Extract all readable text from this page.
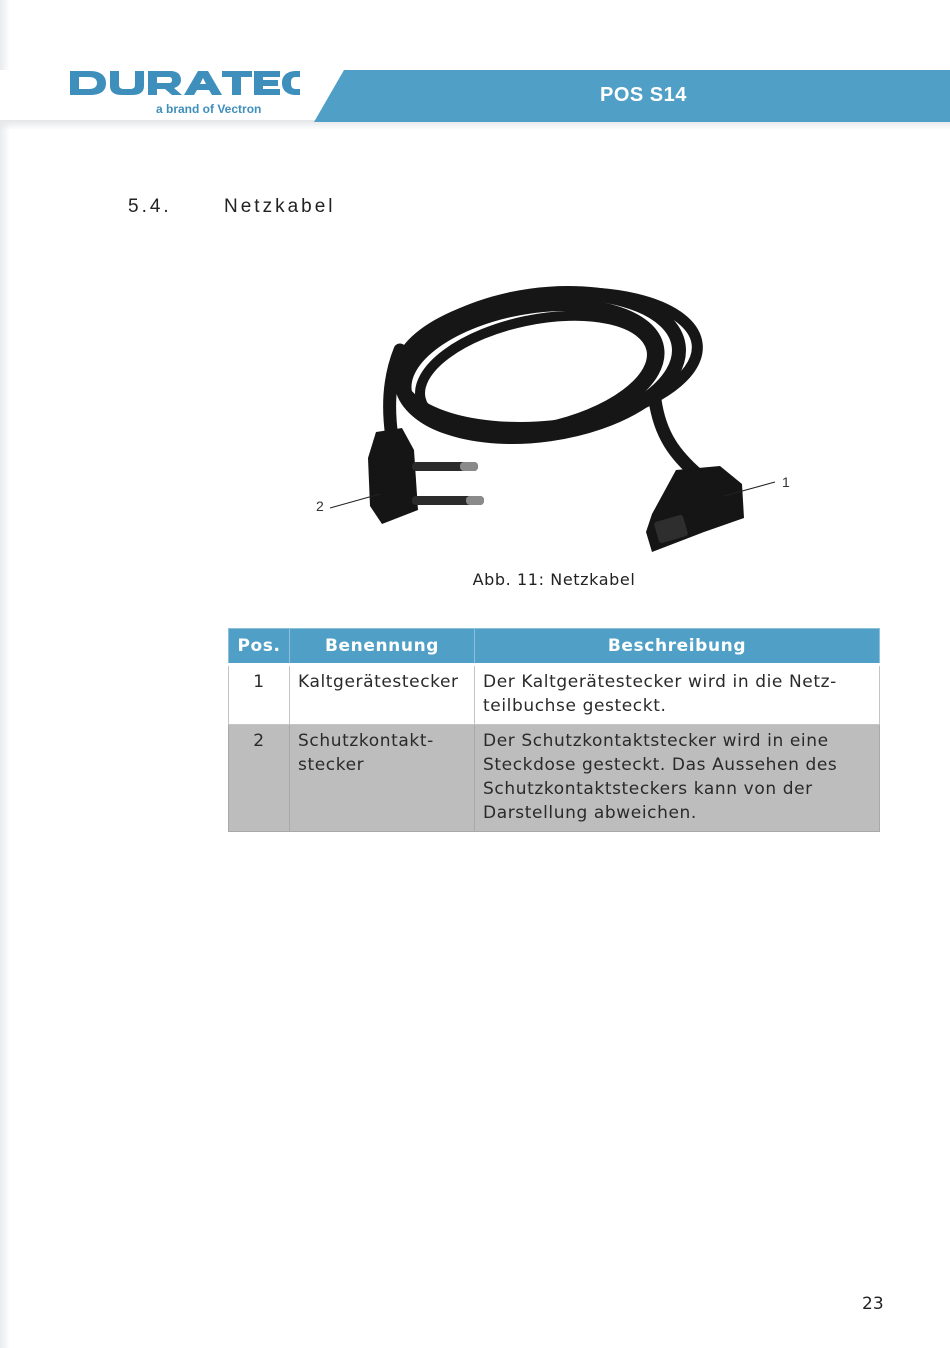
a brand of Vectron
POS S14
5.4.	Netzkabel
1
2
Abb. 11: Netzkabel
Pos.	Benennung	Beschreibung
1	Kaltgerätestecker	Der Kaltgerätestecker wird in die Netz-teilbuchse gesteckt.
2	Schutzkontakt-stecker	Der Schutzkontaktstecker wird in eine Steckdose gesteckt. Das Aussehen des Schutzkontaktsteckers kann von der Darstellung abweichen.
23
